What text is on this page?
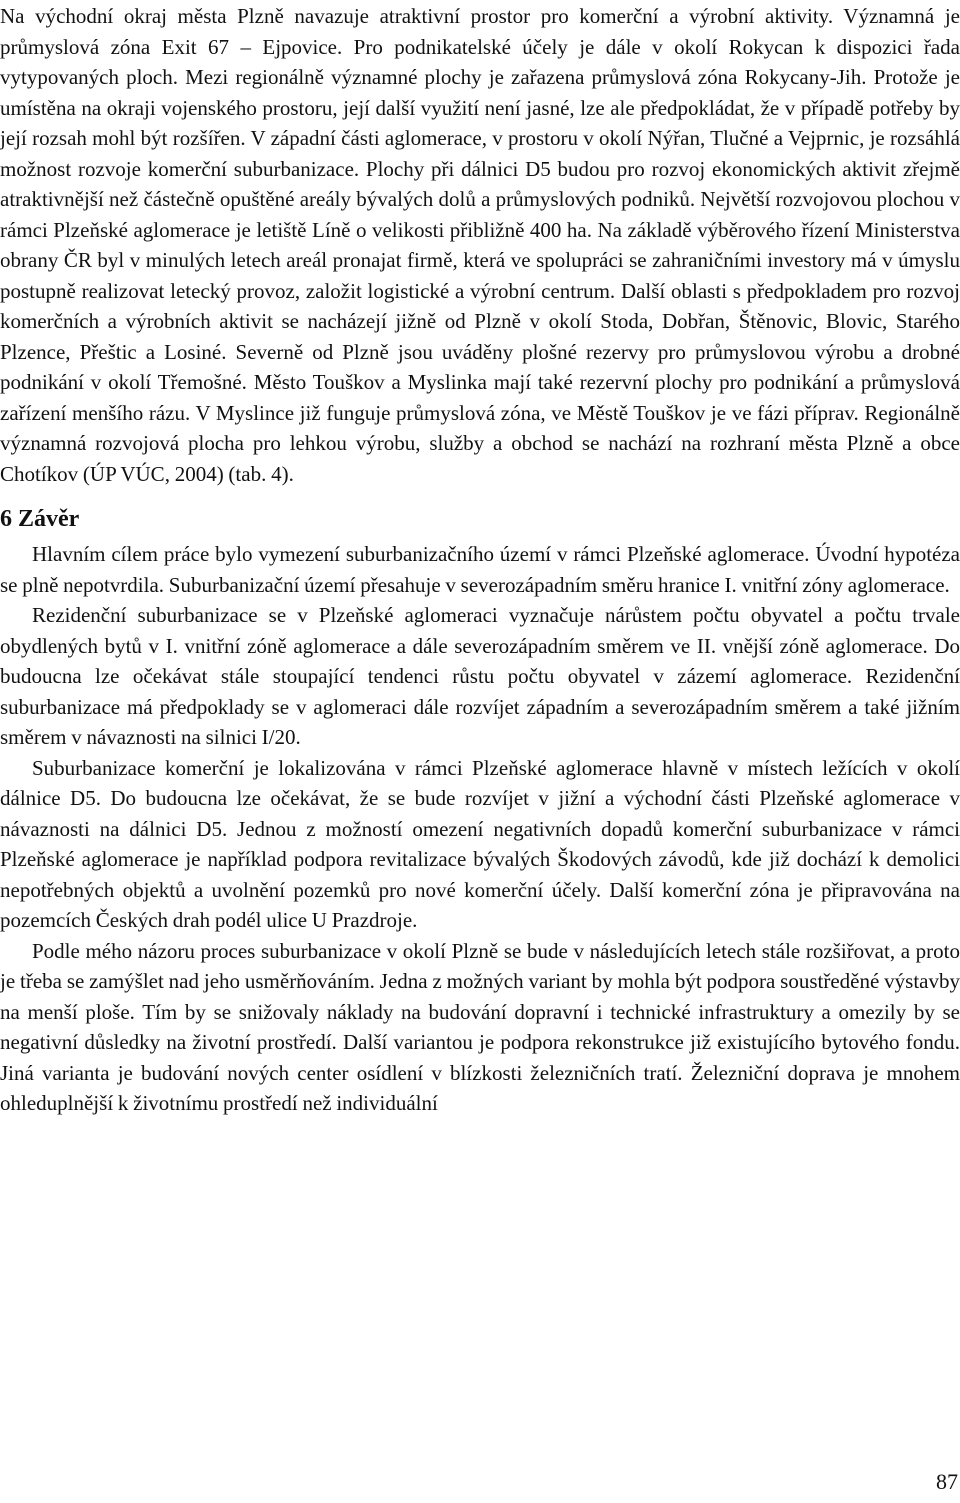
Na východní okraj města Plzně navazuje atraktivní prostor pro komerční a výrobní aktivity. Významná je průmyslová zóna Exit 67 – Ejpovice. Pro podnikatelské účely je dále v okolí Rokycan k dispozici řada vytypovaných ploch. Mezi regionálně významné plochy je zařazena průmyslová zóna Rokycany-Jih. Protože je umístěna na okraji vojenského prostoru, její další využití není jasné, lze ale předpokládat, že v případě potřeby by její rozsah mohl být rozšířen. V západní části aglomerace, v prostoru v okolí Nýřan, Tlučné a Vejprnic, je rozsáhlá možnost rozvoje komerční suburbanizace. Plochy při dálnici D5 budou pro rozvoj ekonomických aktivit zřejmě atraktivnější než částečně opuštěné areály bývalých dolů a průmyslových podniků. Největší rozvojovou plochou v rámci Plzeňské aglomerace je letiště Líně o velikosti přibližně 400 ha. Na základě výběrového řízení Ministerstva obrany ČR byl v minulých letech areál pronajat firmě, která ve spolupráci se zahraničními investory má v úmyslu postupně realizovat letecký provoz, založit logistické a výrobní centrum. Další oblasti s předpokladem pro rozvoj komerčních a výrobních aktivit se nacházejí jižně od Plzně v okolí Stoda, Dobřan, Štěnovic, Blovic, Starého Plzence, Přeštic a Losiné. Severně od Plzně jsou uváděny plošné rezervy pro průmyslovou výrobu a drobné podnikání v okolí Třemošné. Město Touškov a Myslinka mají také rezervní plochy pro podnikání a průmyslová zařízení menšího rázu. V Myslince již funguje průmyslová zóna, ve Městě Touškov je ve fázi příprav. Regionálně významná rozvojová plocha pro lehkou výrobu, služby a obchod se nachází na rozhraní města Plzně a obce Chotíkov (ÚP VÚC, 2004) (tab. 4).

6 Závěr

Hlavním cílem práce bylo vymezení suburbanizačního území v rámci Plzeňské aglomerace. Úvodní hypotéza se plně nepotvrdila. Suburbanizační území přesahuje v severozápadním směru hranice I. vnitřní zóny aglomerace.

Rezidenční suburbanizace se v Plzeňské aglomeraci vyznačuje nárůstem počtu obyvatel a počtu trvale obydlených bytů v I. vnitřní zóně aglomerace a dále severozápadním směrem ve II. vnější zóně aglomerace. Do budoucna lze očekávat stále stoupající tendenci růstu počtu obyvatel v zázemí aglomerace. Rezidenční suburbanizace má předpoklady se v aglomeraci dále rozvíjet západním a severozápadním směrem a také jižním směrem v návaznosti na silnici I/20.

Suburbanizace komerční je lokalizována v rámci Plzeňské aglomerace hlavně v místech ležících v okolí dálnice D5. Do budoucna lze očekávat, že se bude rozvíjet v jižní a východní části Plzeňské aglomerace v návaznosti na dálnici D5. Jednou z možností omezení negativních dopadů komerční suburbanizace v rámci Plzeňské aglomerace je například podpora revitalizace bývalých Škodových závodů, kde již dochází k demolici nepotřebných objektů a uvolnění pozemků pro nové komerční účely. Další komerční zóna je připravována na pozemcích Českých drah podél ulice U Prazdroje.

Podle mého názoru proces suburbanizace v okolí Plzně se bude v následujících letech stále rozšiřovat, a proto je třeba se zamýšlet nad jeho usměrňováním. Jedna z možných variant by mohla být podpora soustředěné výstavby na menší ploše. Tím by se snižovaly náklady na budování dopravní i technické infrastruktury a omezily by se negativní důsledky na životní prostředí. Další variantou je podpora rekonstrukce již existujícího bytového fondu. Jiná varianta je budování nových center osídlení v blízkosti železničních tratí. Železniční doprava je mnohem ohleduplnější k životnímu prostředí než individuální

87
